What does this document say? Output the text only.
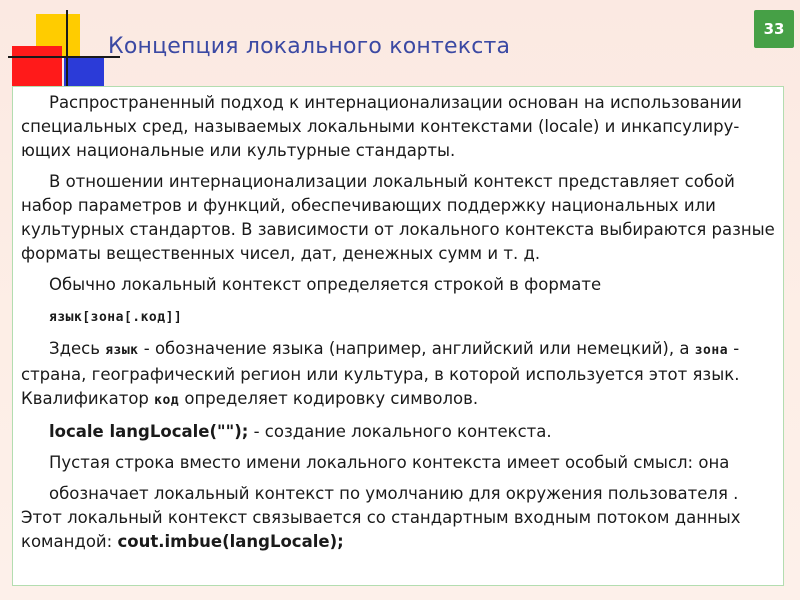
Концепция локального контекста
33

Распространенный подход к интернационализации основан на использовании специальных сред, называемых локальными контекстами (locale) и инкапсулиру-ющих национальные или культурные стандарты.

В отношении интернационализации локальный контекст представляет собой набор параметров и функций, обеспечивающих поддержку национальных или культурных стандартов. В зависимости от локального контекста выбираются разные форматы вещественных чисел, дат, денежных сумм и т. д.

Обычно локальный контекст определяется строкой в формате

язык[зона[.код]]

Здесь язык - обозначение языка (например, английский или немецкий), а зона - страна, географический регион или культура, в которой используется этот язык. Квалификатор код определяет кодировку символов.

locale langLocale(""); - создание локального контекста.

Пустая строка вместо имени локального контекста имеет особый смысл: она

обозначает локальный контекст по умолчанию для окружения пользователя . Этот локальный контекст связывается со стандартным входным потоком данных командой: cout.imbue(langLocale);
